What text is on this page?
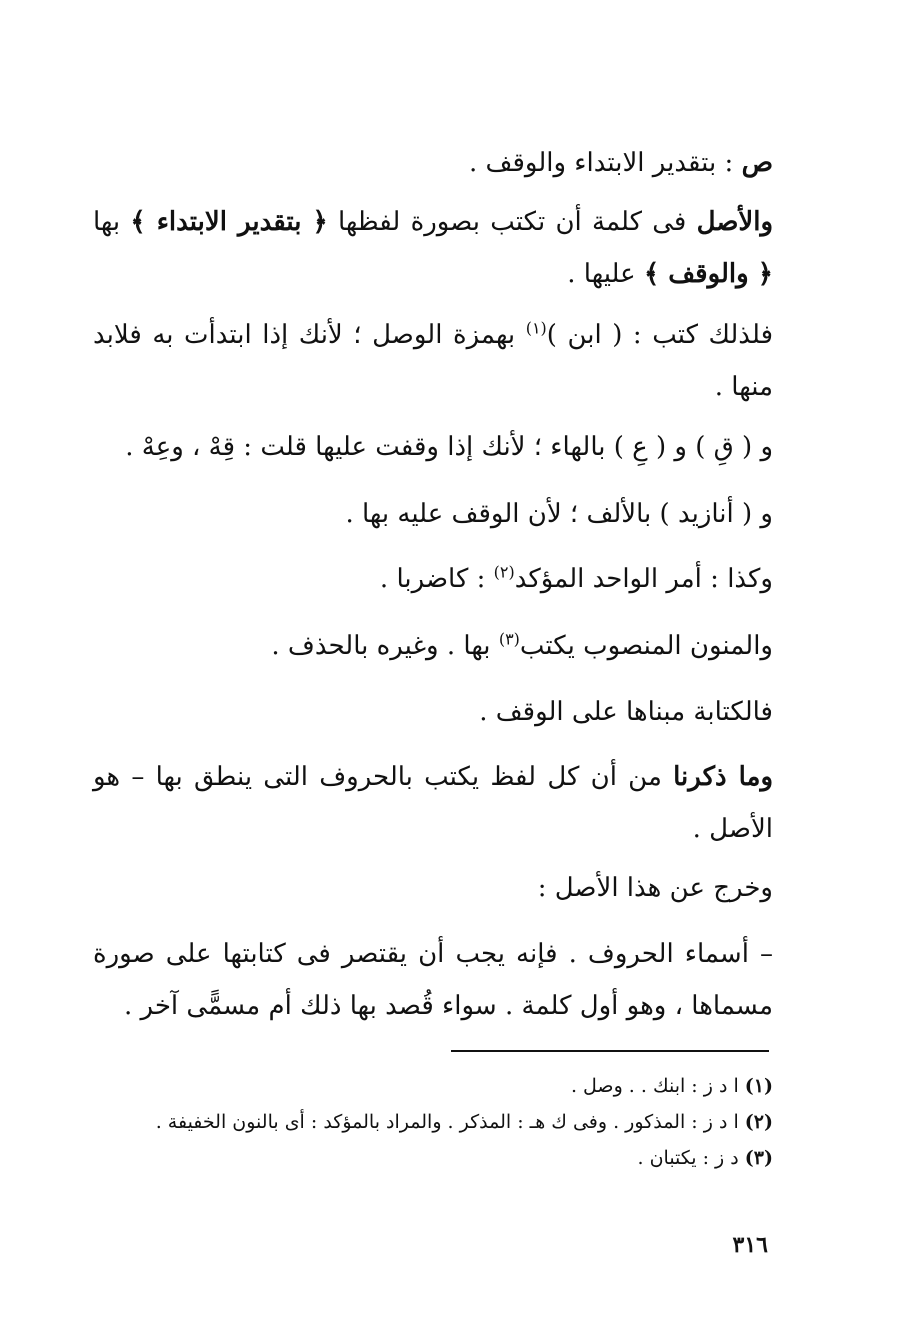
ص : بتقدير الابتداء والوقف .
والأصل فى كلمة أن تكتب بصورة لفظها ﴿ بتقدير الابتداء ﴾ بها ﴿ والوقف ﴾ عليها .
فلذلك كتب : ( ابن )$^{(١)}$ بهمزة الوصل ؛ لأنك إذا ابتدأت به فلابد منها .
و ( قِ ) و ( عِ ) بالهاء ؛ لأنك إذا وقفت عليها قلت : قِهْ ، وعِهْ .
و ( أنازيد ) بالألف ؛ لأن الوقف عليه بها .
وكذا : أمر الواحد المؤكد$^{(٢)}$ : كاضربا .
والمنون المنصوب يكتب$^{(٣)}$ بها . وغيره بالحذف .
فالكتابة مبناها على الوقف .
وما ذكرنا من أن كل لفظ يكتب بالحروف التى ينطق بها – هو الأصل .
وخرج عن هذا الأصل :
– أسماء الحروف . فإنه يجب أن يقتصر فى كتابتها على صورة مسماها ، وهو أول كلمة . سواء قُصد بها ذلك أم مسمًّى آخر .
(١) ا د ز : ابنك . . وصل .
(٢) ا د ز : المذكور . وفى ك هـ : المذكر . والمراد بالمؤكد : أى بالنون الخفيفة .
(٣) د ز : يكتبان .
٣١٦
